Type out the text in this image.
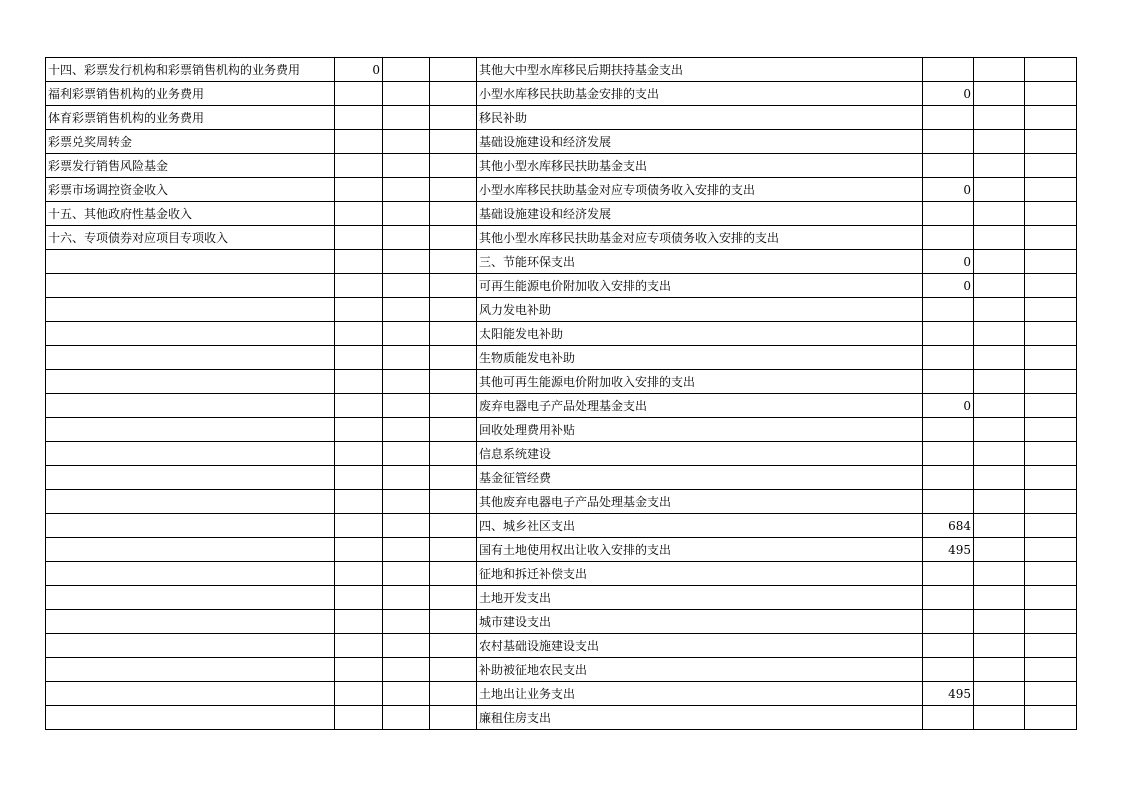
十四、彩票发行机构和彩票销售机构的业务费用	0			其他大中型水库移民后期扶持基金支出			
福利彩票销售机构的业务费用				小型水库移民扶助基金安排的支出	0		
体育彩票销售机构的业务费用				移民补助			
彩票兑奖周转金				基础设施建设和经济发展			
彩票发行销售风险基金				其他小型水库移民扶助基金支出			
彩票市场调控资金收入				小型水库移民扶助基金对应专项债务收入安排的支出	0		
十五、其他政府性基金收入				基础设施建设和经济发展			
十六、专项债券对应项目专项收入				其他小型水库移民扶助基金对应专项债务收入安排的支出			
				三、节能环保支出	0		
				可再生能源电价附加收入安排的支出	0		
				风力发电补助			
				太阳能发电补助			
				生物质能发电补助			
				其他可再生能源电价附加收入安排的支出			
				废弃电器电子产品处理基金支出	0		
				回收处理费用补贴			
				信息系统建设			
				基金征管经费			
				其他废弃电器电子产品处理基金支出			
				四、城乡社区支出	684		
				国有土地使用权出让收入安排的支出	495		
				征地和拆迁补偿支出			
				土地开发支出			
				城市建设支出			
				农村基础设施建设支出			
				补助被征地农民支出			
				土地出让业务支出	495		
				廉租住房支出			
